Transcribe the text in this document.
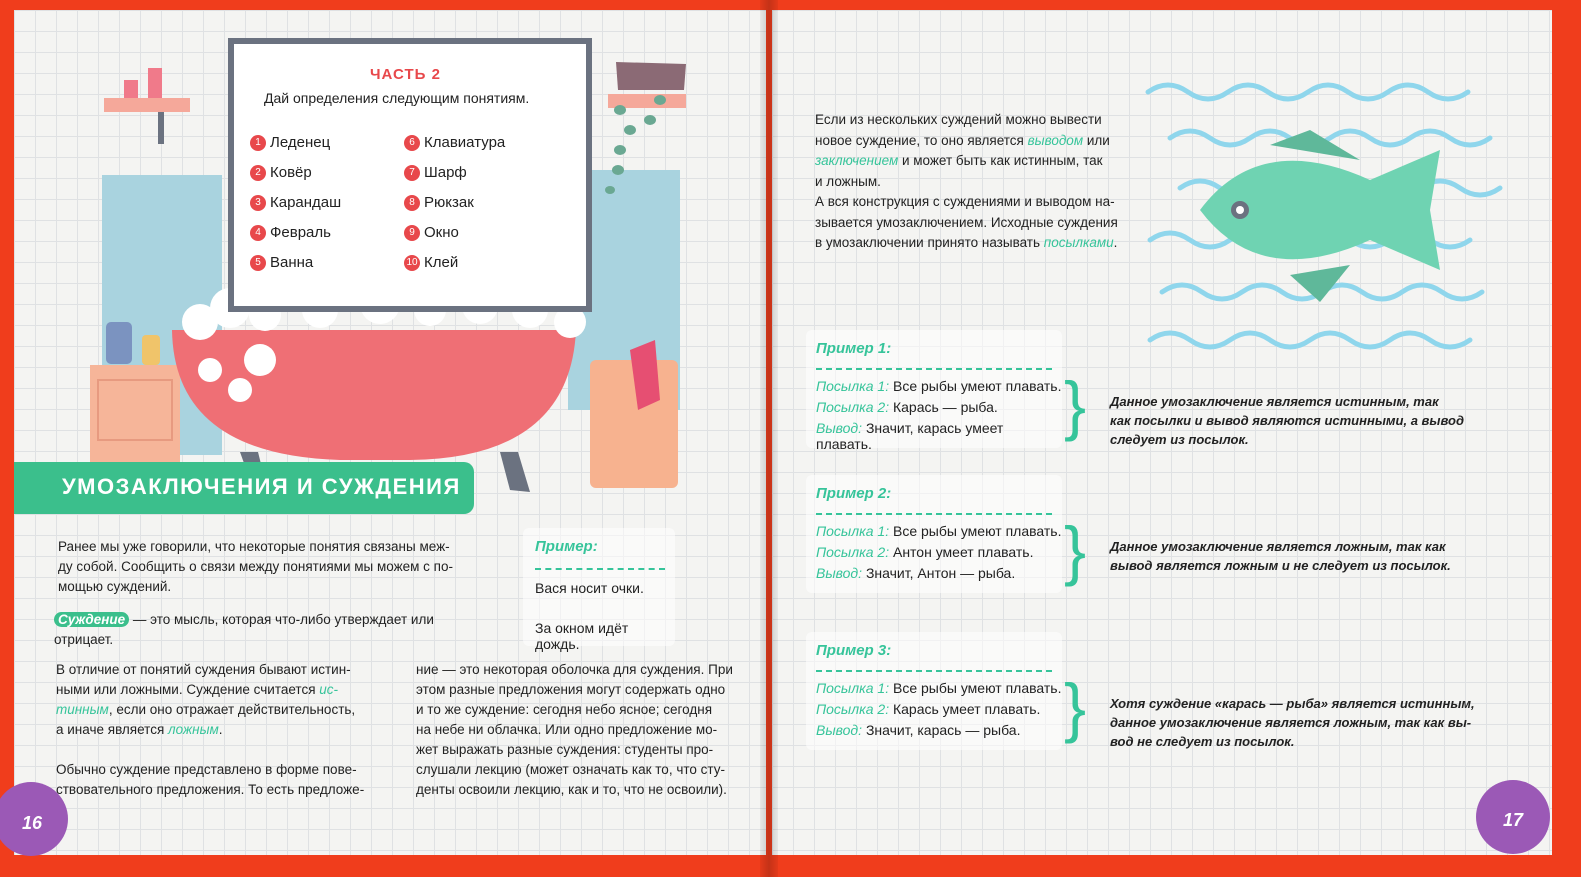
ЧАСТЬ 2
Дай определения следующим понятиям.
1 Леденец
2 Ковёр
3 Карандаш
4 Февраль
5 Ванна
6 Клавиатура
7 Шарф
8 Рюкзак
9 Окно
10 Клей
УМОЗАКЛЮЧЕНИЯ И СУЖДЕНИЯ
Ранее мы уже говорили, что некоторые понятия связаны меж-
ду собой. Сообщить о связи между понятиями мы можем с по-
мощью суждений.
Суждение — это мысль, которая что-либо утверждает или
отрицает.
В отличие от понятий суждения бывают истин-
ными или ложными. Суждение считается ис-
тинным, если оно отражает действительность,
а иначе является ложным.
Обычно суждение представлено в форме пове-
ствовательного предложения. То есть предложе-
ние — это некоторая оболочка для суждения. При
этом разные предложения могут содержать одно
и то же суждение: сегодня небо ясное; сегодня
на небе ни облачка. Или одно предложение мо-
жет выражать разные суждения: студенты про-
слушали лекцию (может означать как то, что сту-
денты освоили лекцию, как и то, что не освоили).
Пример:
Вася носит очки.
За окном идёт дождь.
16
Если из нескольких суждений можно вывести
новое суждение, то оно является выводом или
заключением и может быть как истинным, так
и ложным.
А вся конструкция с суждениями и выводом на-
зывается умозаключением. Исходные суждения
в умозаключении принято называть посылками.
Пример 1:
Посылка 1: Все рыбы умеют плавать.
Посылка 2: Карась — рыба.
Вывод: Значит, карась умеет плавать.
} Данное умозаключение является истинным, так
как посылки и вывод являются истинными, а вывод
следует из посылок.
Пример 2:
Посылка 1: Все рыбы умеют плавать.
Посылка 2: Антон умеет плавать.
Вывод: Значит, Антон — рыба. } Данное умозаключение является ложным, так как
вывод является ложным и не следует из посылок.
Пример 3:
Посылка 1: Все рыбы умеют плавать.
Посылка 2: Карась умеет плавать.
Вывод: Значит, карась — рыба. } Хотя суждение «карась — рыба» является истинным,
данное умозаключение является ложным, так как вы-
вод не следует из посылок.
17
